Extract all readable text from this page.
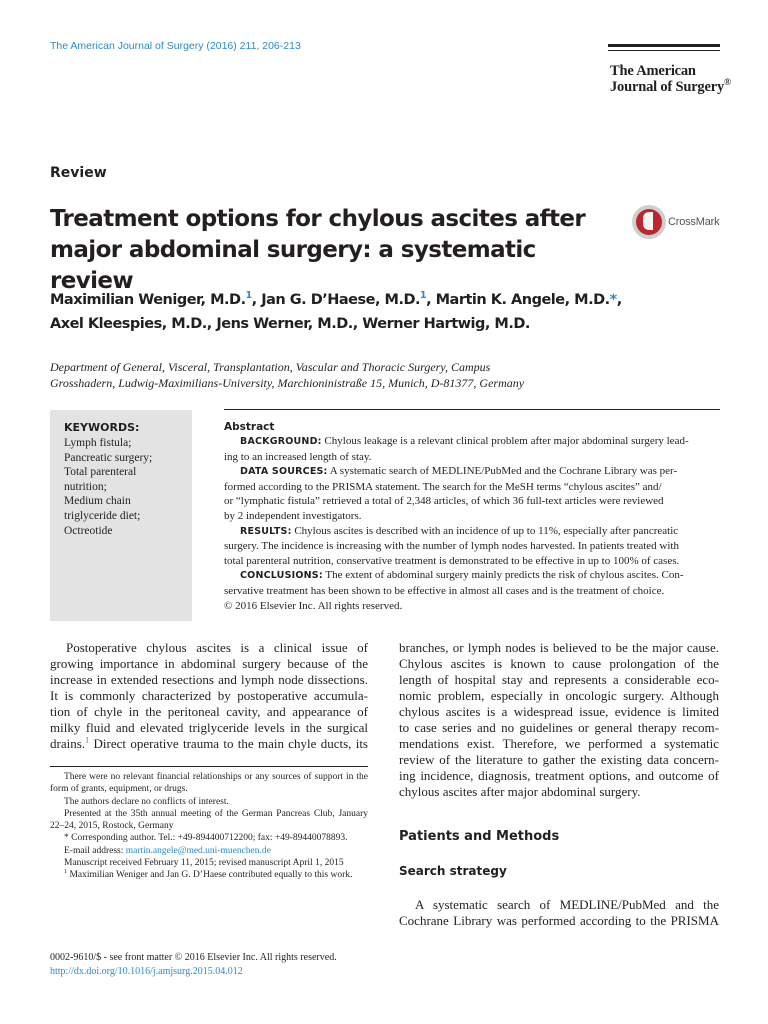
The American Journal of Surgery (2016) 211, 206-213
The American
Journal of Surgery®
Review
Treatment options for chylous ascites after
major abdominal surgery: a systematic review
CrossMark
Maximilian Weniger, M.D.$^1$, Jan G. D’Haese, M.D.$^1$, Martin K. Angele, M.D.*,
Axel Kleespies, M.D., Jens Werner, M.D., Werner Hartwig, M.D.
Department of General, Visceral, Transplantation, Vascular and Thoracic Surgery, Campus
Grosshadern, Ludwig-Maximilians-University, Marchioninistraße 15, Munich, D-81377, Germany
KEYWORDS:
Lymph fistula;
Pancreatic surgery;
Total parenteral
nutrition;
Medium chain
triglyceride diet;
Octreotide
Abstract
BACKGROUND: Chylous leakage is a relevant clinical problem after major abdominal surgery lead-
ing to an increased length of stay.
DATA SOURCES: A systematic search of MEDLINE/PubMed and the Cochrane Library was per-
formed according to the PRISMA statement. The search for the MeSH terms “chylous ascites” and/
or “lymphatic fistula” retrieved a total of 2,348 articles, of which 36 full-text articles were reviewed
by 2 independent investigators.
RESULTS: Chylous ascites is described with an incidence of up to 11%, especially after pancreatic
surgery. The incidence is increasing with the number of lymph nodes harvested. In patients treated with
total parenteral nutrition, conservative treatment is demonstrated to be effective in up to 100% of cases.
CONCLUSIONS: The extent of abdominal surgery mainly predicts the risk of chylous ascites. Con-
servative treatment has been shown to be effective in almost all cases and is the treatment of choice.
© 2016 Elsevier Inc. All rights reserved.
Postoperative chylous ascites is a clinical issue of
growing importance in abdominal surgery because of the
increase in extended resections and lymph node dissections.
It is commonly characterized by postoperative accumula-
tion of chyle in the peritoneal cavity, and appearance of
milky fluid and elevated triglyceride levels in the surgical
drains.$^1$ Direct operative trauma to the main chyle ducts, its

There were no relevant financial relationships or any sources of support in the form of grants, equipment, or drugs.

The authors declare no conflicts of interest.

Presented at the 35th annual meeting of the German Pancreas Club, January 22–24, 2015, Rostock, Germany

* Corresponding author. Tel.: +49-894400712200; fax: +49-89440078893.

E-mail address: martin.angele@med.uni-muenchen.de

Manuscript received February 11, 2015; revised manuscript April 1, 2015

$^1$ Maximilian Weniger and Jan G. D’Haese contributed equally to this work.

branches, or lymph nodes is believed to be the major cause.
Chylous ascites is known to cause prolongation of the
length of hospital stay and represents a considerable eco-
nomic problem, especially in oncologic surgery. Although
chylous ascites is a widespread issue, evidence is limited
to case series and no guidelines or general therapy recom-
mendations exist. Therefore, we performed a systematic
review of the literature to gather the existing data concern-
ing incidence, diagnosis, treatment options, and outcome of
chylous ascites after major abdominal surgery.
Patients and Methods
Search strategy
A systematic search of MEDLINE/PubMed and the
Cochrane Library was performed according to the PRISMA
0002-9610/$ - see front matter © 2016 Elsevier Inc. All rights reserved.
http://dx.doi.org/10.1016/j.amjsurg.2015.04.012
